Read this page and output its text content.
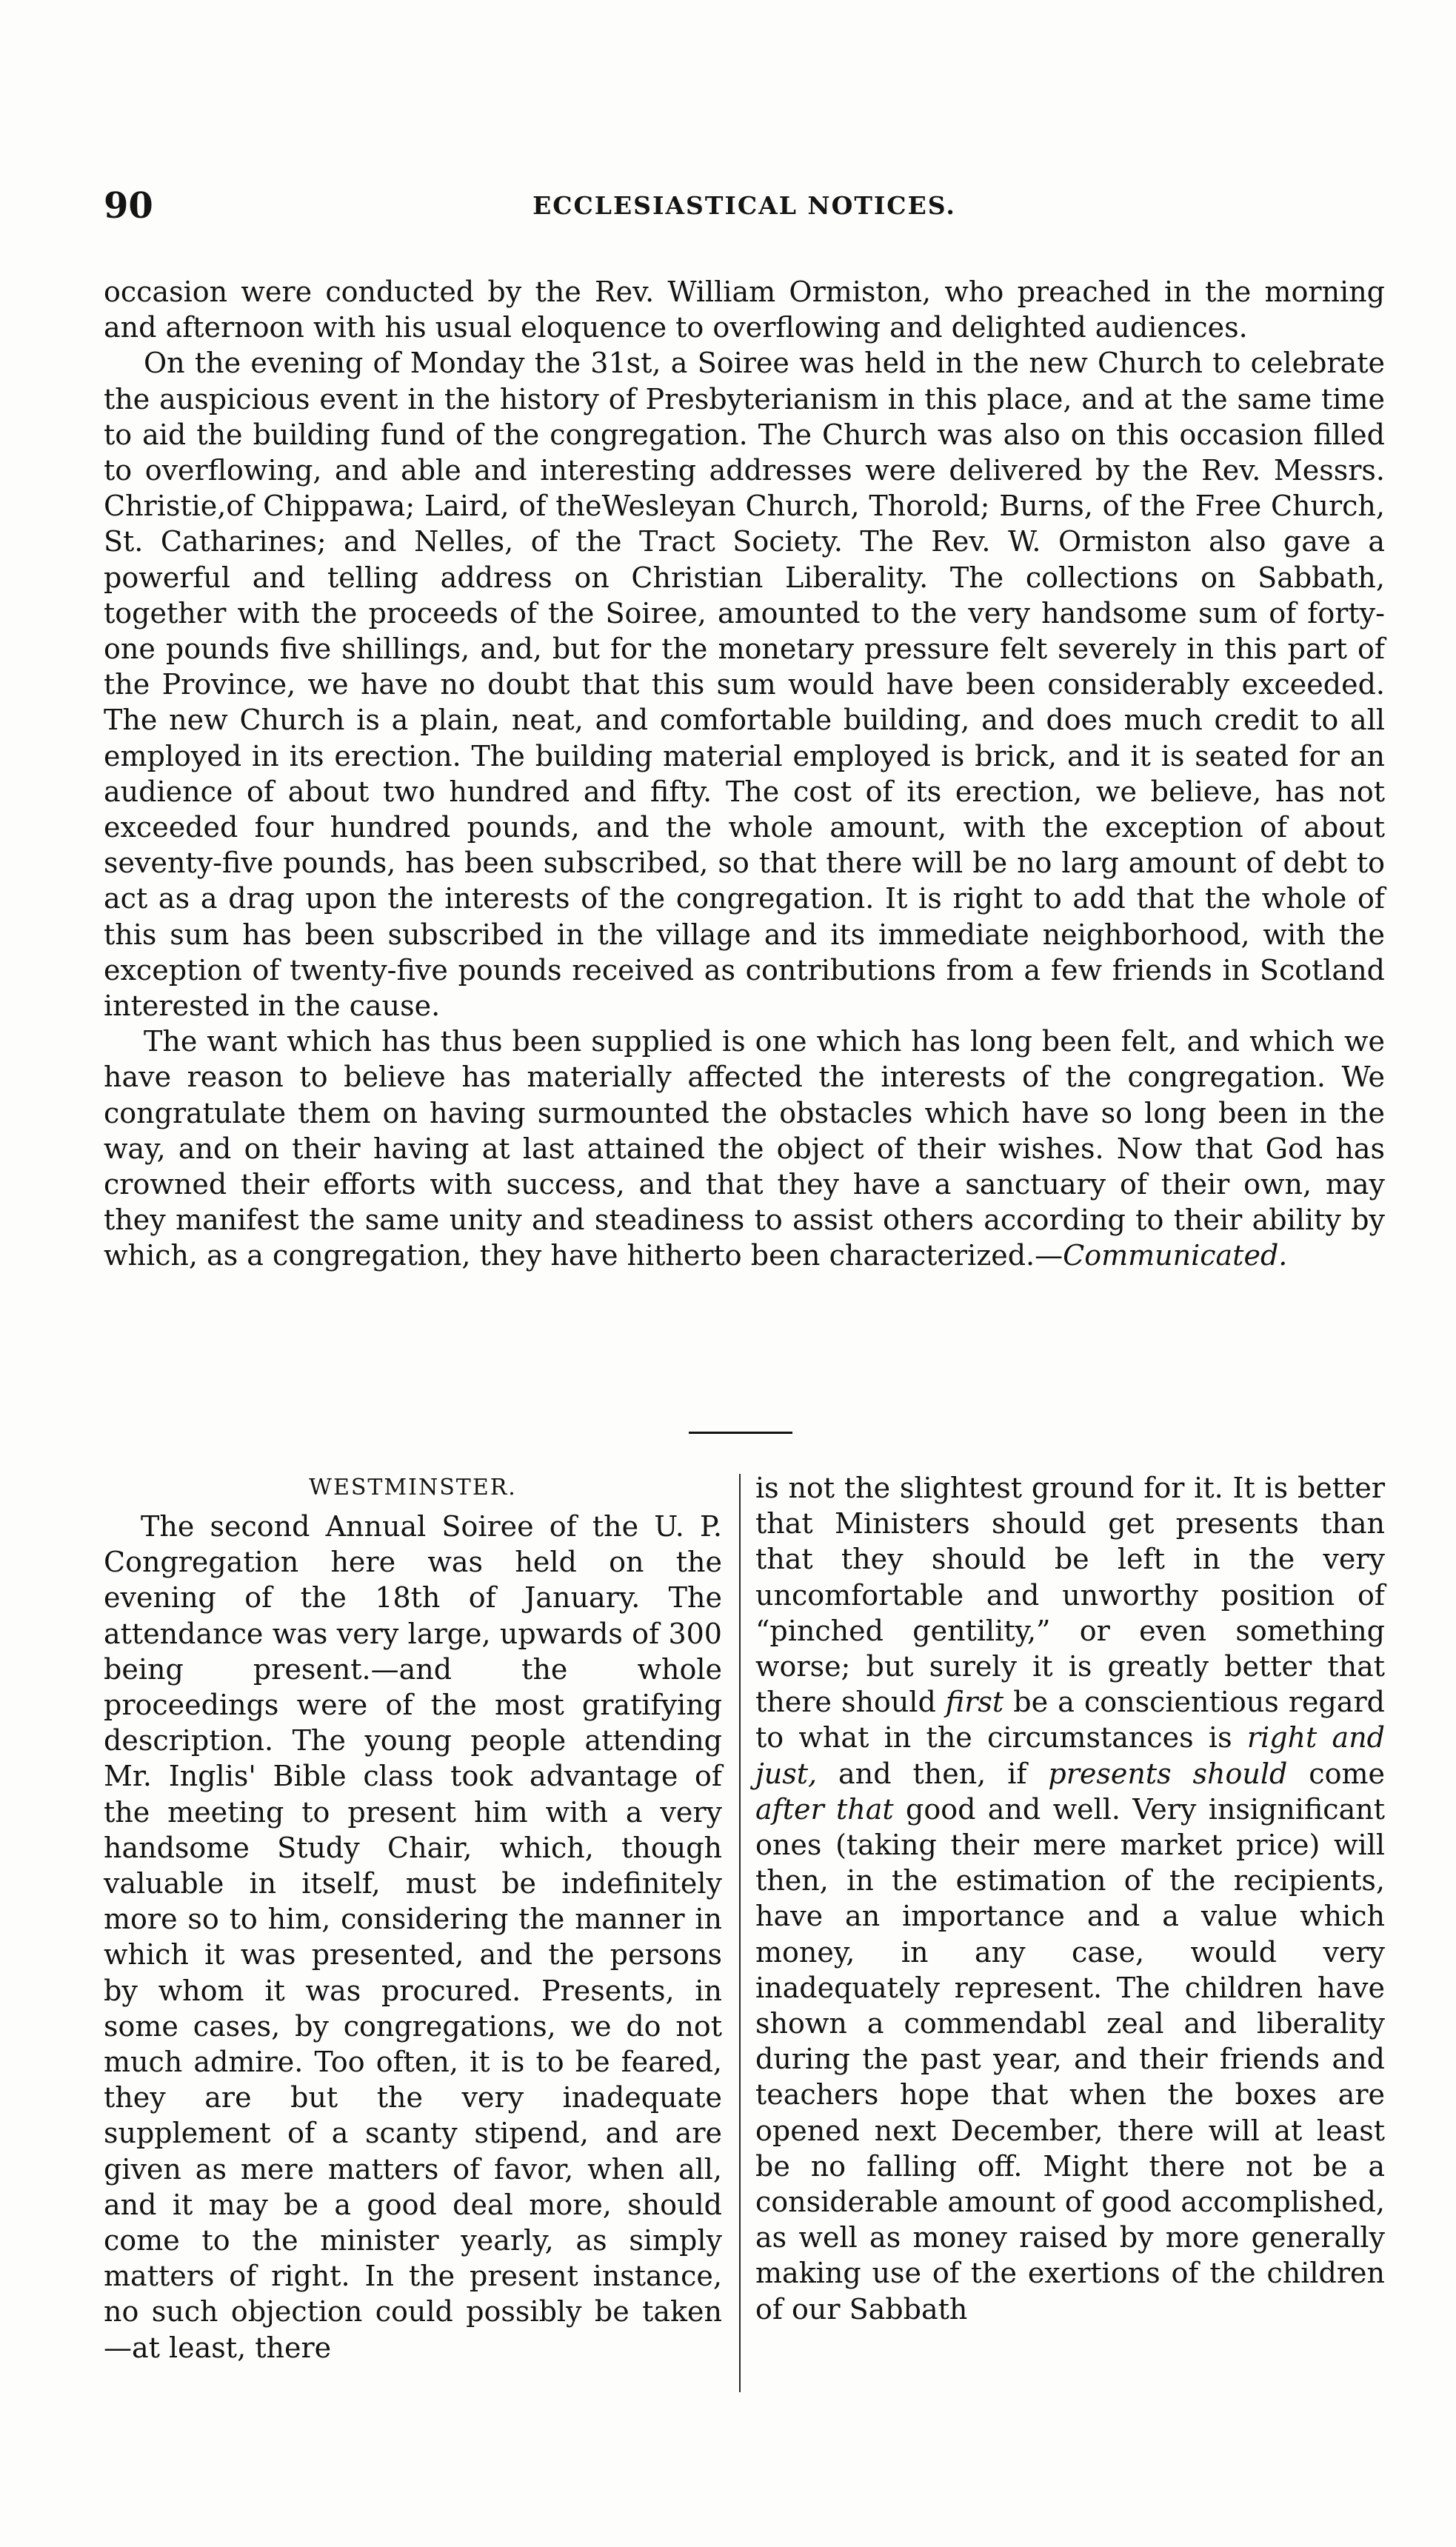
90	ECCLESIASTICAL NOTICES.

occasion were conducted by the Rev. William Ormiston, who preached in the morning and afternoon with his usual eloquence to overflowing and delighted audiences.

On the evening of Monday the 31st, a Soiree was held in the new Church to celebrate the auspicious event in the history of Presbyterianism in this place, and at the same time to aid the building fund of the congregation. The Church was also on this occasion filled to overflowing, and able and interesting addresses were delivered by the Rev. Messrs. Christie,of Chippawa; Laird, of theWesleyan Church, Thorold; Burns, of the Free Church, St. Catharines; and Nelles, of the Tract Society. The Rev. W. Ormiston also gave a powerful and telling address on Christian Liberality. The collections on Sabbath, together with the proceeds of the Soiree, amounted to the very handsome sum of forty-one pounds five shillings, and, but for the monetary pressure felt severely in this part of the Province, we have no doubt that this sum would have been considerably exceeded. The new Church is a plain, neat, and comfortable building, and does much credit to all employed in its erection. The building material employed is brick, and it is seated for an audience of about two hundred and fifty. The cost of its erection, we believe, has not exceeded four hundred pounds, and the whole amount, with the exception of about seventy-five pounds, has been subscribed, so that there will be no larg amount of debt to act as a drag upon the interests of the congregation. It is right to add that the whole of this sum has been subscribed in the village and its immediate neighborhood, with the exception of twenty-five pounds received as contributions from a few friends in Scotland interested in the cause.

The want which has thus been supplied is one which has long been felt, and which we have reason to believe has materially affected the interests of the congregation. We congratulate them on having surmounted the obstacles which have so long been in the way, and on their having at last attained the object of their wishes. Now that God has crowned their efforts with success, and that they have a sanctuary of their own, may they manifest the same unity and steadiness to assist others according to their ability by which, as a congregation, they have hitherto been characterized.—Communicated.

WESTMINSTER.

The second Annual Soiree of the U. P. Congregation here was held on the evening of the 18th of January. The attendance was very large, upwards of 300 being present.—and the whole proceedings were of the most gratifying description. The young people attending Mr. Inglis' Bible class took advantage of the meeting to present him with a very handsome Study Chair, which, though valuable in itself, must be indefinitely more so to him, considering the manner in which it was presented, and the persons by whom it was procured. Presents, in some cases, by congregations, we do not much admire. Too often, it is to be feared, they are but the very inadequate supplement of a scanty stipend, and are given as mere matters of favor, when all, and it may be a good deal more, should come to the minister yearly, as simply matters of right. In the present instance, no such objection could possibly be taken—at least, there

is not the slightest ground for it. It is better that Ministers should get presents than that they should be left in the very uncomfortable and unworthy position of “pinched gentility,” or even something worse; but surely it is greatly better that there should first be a conscientious regard to what in the circumstances is right and just, and then, if presents should come after that good and well. Very insignificant ones (taking their mere market price) will then, in the estimation of the recipients, have an importance and a value which money, in any case, would very inadequately represent. The children have shown a commendabl zeal and liberality during the past year, and their friends and teachers hope that when the boxes are opened next December, there will at least be no falling off. Might there not be a considerable amount of good accomplished, as well as money raised by more generally making use of the exertions of the children of our Sabbath
